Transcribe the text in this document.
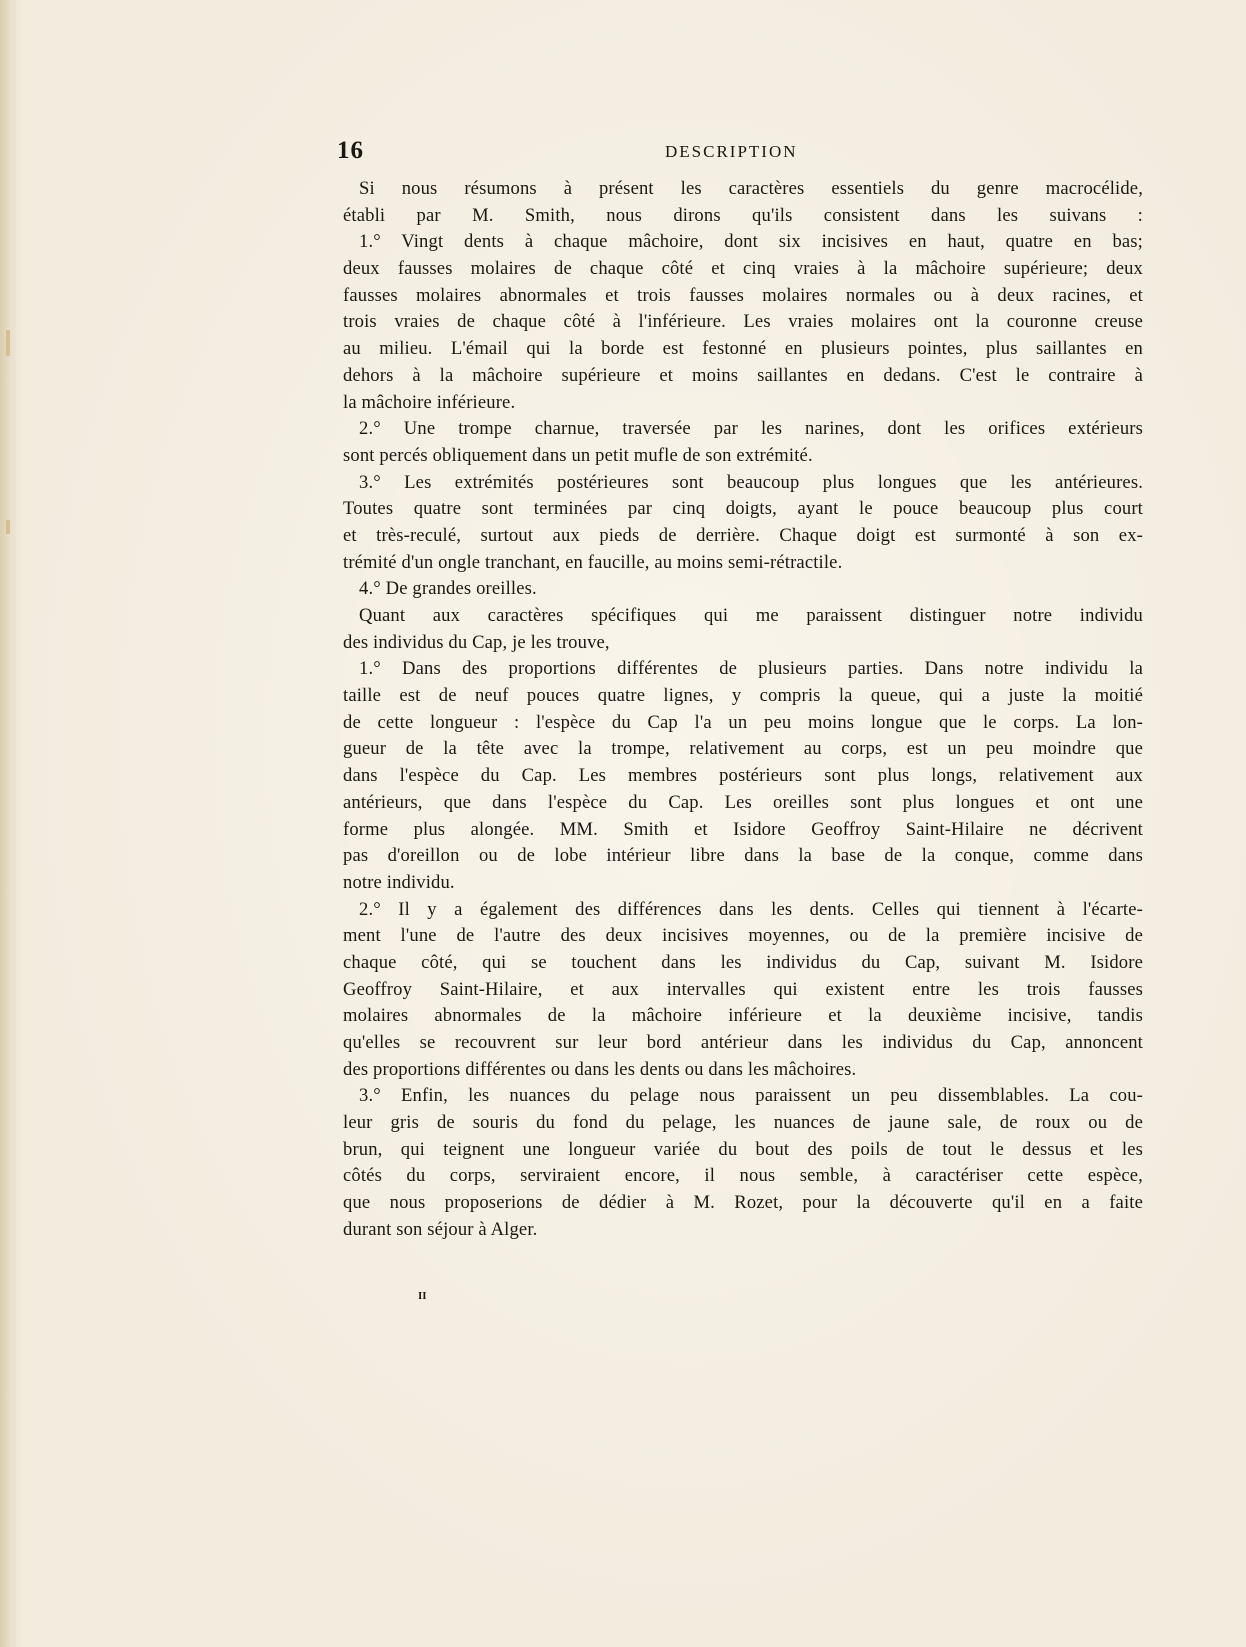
16	DESCRIPTION
Si nous résumons à présent les caractères essentiels du genre macrocélide,
établi par M. Smith, nous dirons qu'ils consistent dans les suivans :
1.° Vingt dents à chaque mâchoire, dont six incisives en haut, quatre en bas;
deux fausses molaires de chaque côté et cinq vraies à la mâchoire supérieure; deux
fausses molaires abnormales et trois fausses molaires normales ou à deux racines, et
trois vraies de chaque côté à l'inférieure. Les vraies molaires ont la couronne creuse
au milieu. L'émail qui la borde est festonné en plusieurs pointes, plus saillantes en
dehors à la mâchoire supérieure et moins saillantes en dedans. C'est le contraire à
la mâchoire inférieure.
2.° Une trompe charnue, traversée par les narines, dont les orifices extérieurs
sont percés obliquement dans un petit mufle de son extrémité.
3.° Les extrémités postérieures sont beaucoup plus longues que les antérieures.
Toutes quatre sont terminées par cinq doigts, ayant le pouce beaucoup plus court
et très-reculé, surtout aux pieds de derrière. Chaque doigt est surmonté à son ex-
trémité d'un ongle tranchant, en faucille, au moins semi-rétractile.
4.° De grandes oreilles.
Quant aux caractères spécifiques qui me paraissent distinguer notre individu
des individus du Cap, je les trouve,
1.° Dans des proportions différentes de plusieurs parties. Dans notre individu la
taille est de neuf pouces quatre lignes, y compris la queue, qui a juste la moitié
de cette longueur : l'espèce du Cap l'a un peu moins longue que le corps. La lon-
gueur de la tête avec la trompe, relativement au corps, est un peu moindre que
dans l'espèce du Cap. Les membres postérieurs sont plus longs, relativement aux
antérieurs, que dans l'espèce du Cap. Les oreilles sont plus longues et ont une
forme plus alongée. MM. Smith et Isidore Geoffroy Saint-Hilaire ne décrivent
pas d'oreillon ou de lobe intérieur libre dans la base de la conque, comme dans
notre individu.
2.° Il y a également des différences dans les dents. Celles qui tiennent à l'écarte-
ment l'une de l'autre des deux incisives moyennes, ou de la première incisive de
chaque côté, qui se touchent dans les individus du Cap, suivant M. Isidore
Geoffroy Saint-Hilaire, et aux intervalles qui existent entre les trois fausses
molaires abnormales de la mâchoire inférieure et la deuxième incisive, tandis
qu'elles se recouvrent sur leur bord antérieur dans les individus du Cap, annoncent
des proportions différentes ou dans les dents ou dans les mâchoires.
3.° Enfin, les nuances du pelage nous paraissent un peu dissemblables. La cou-
leur gris de souris du fond du pelage, les nuances de jaune sale, de roux ou de
brun, qui teignent une longueur variée du bout des poils de tout le dessus et les
côtés du corps, serviraient encore, il nous semble, à caractériser cette espèce,
que nous proposerions de dédier à M. Rozet, pour la découverte qu'il en a faite
durant son séjour à Alger.
II
